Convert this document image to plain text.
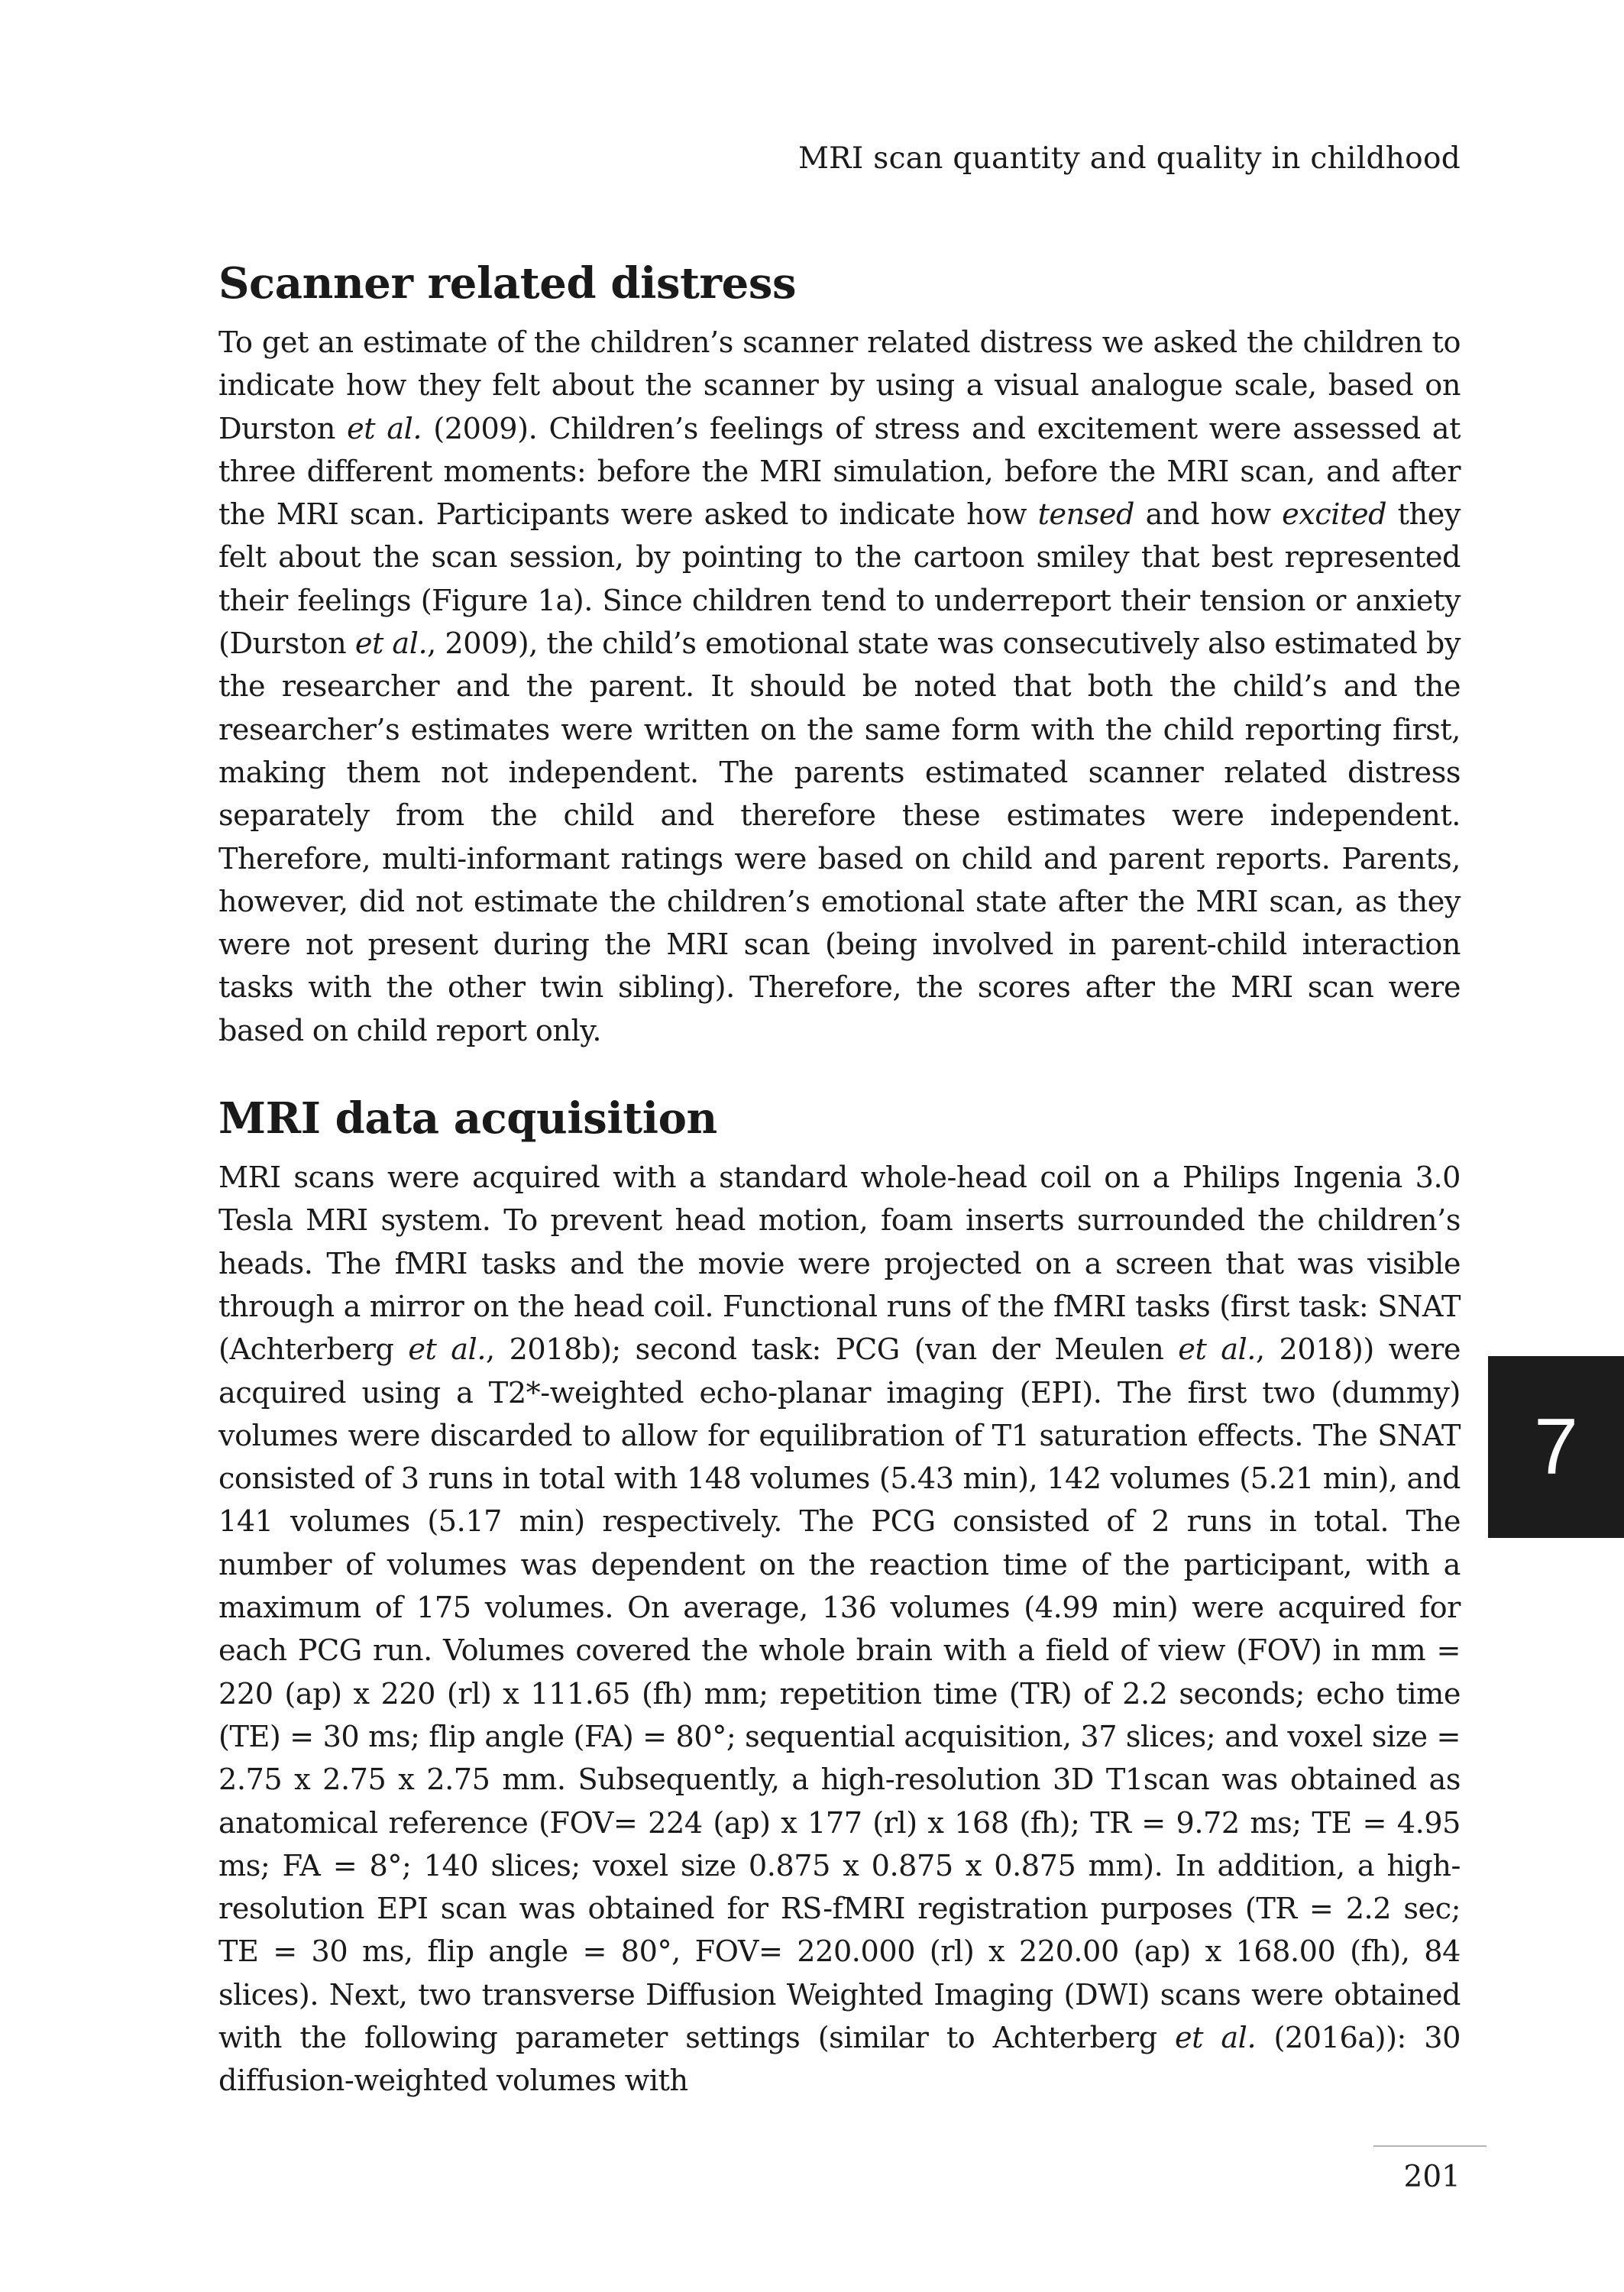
MRI scan quantity and quality in childhood
Scanner related distress

To get an estimate of the children’s scanner related distress we asked the children to indicate how they felt about the scanner by using a visual analogue scale, based on Durston et al. (2009). Children’s feelings of stress and excitement were assessed at three different moments: before the MRI simulation, before the MRI scan, and after the MRI scan. Participants were asked to indicate how tensed and how excited they felt about the scan session, by pointing to the cartoon smiley that best represented their feelings (Figure 1a). Since children tend to underreport their tension or anxiety (Durston et al., 2009), the child’s emotional state was consecutively also estimated by the researcher and the parent. It should be noted that both the child’s and the researcher’s estimates were written on the same form with the child reporting first, making them not independent. The parents estimated scanner related distress separately from the child and therefore these estimates were independent. Therefore, multi-informant ratings were based on child and parent reports. Parents, however, did not estimate the children’s emotional state after the MRI scan, as they were not present during the MRI scan (being involved in parent-child interaction tasks with the other twin sibling). Therefore, the scores after the MRI scan were based on child report only.

MRI data acquisition

MRI scans were acquired with a standard whole-head coil on a Philips Ingenia 3.0 Tesla MRI system. To prevent head motion, foam inserts surrounded the children’s heads. The fMRI tasks and the movie were projected on a screen that was visible through a mirror on the head coil. Functional runs of the fMRI tasks (first task: SNAT (Achterberg et al., 2018b); second task: PCG (van der Meulen et al., 2018)) were acquired using a T2*-weighted echo-planar imaging (EPI). The first two (dummy) volumes were discarded to allow for equilibration of T1 saturation effects. The SNAT consisted of 3 runs in total with 148 volumes (5.43 min), 142 volumes (5.21 min), and 141 volumes (5.17 min) respectively. The PCG consisted of 2 runs in total. The number of volumes was dependent on the reaction time of the participant, with a maximum of 175 volumes. On average, 136 volumes (4.99 min) were acquired for each PCG run. Volumes covered the whole brain with a field of view (FOV) in mm = 220 (ap) x 220 (rl) x 111.65 (fh) mm; repetition time (TR) of 2.2 seconds; echo time (TE) = 30 ms; flip angle (FA) = 80°; sequential acquisition, 37 slices; and voxel size = 2.75 x 2.75 x 2.75 mm. Subsequently, a high-resolution 3D T1scan was obtained as anatomical reference (FOV= 224 (ap) x 177 (rl) x 168 (fh); TR = 9.72 ms; TE = 4.95 ms; FA = 8°; 140 slices; voxel size 0.875 x 0.875 x 0.875 mm). In addition, a high-resolution EPI scan was obtained for RS-fMRI registration purposes (TR = 2.2 sec; TE = 30 ms, flip angle = 80°, FOV= 220.000 (rl) x 220.00 (ap) x 168.00 (fh), 84 slices). Next, two transverse Diffusion Weighted Imaging (DWI) scans were obtained with the following parameter settings (similar to Achterberg et al. (2016a)): 30 diffusion-weighted volumes with

7
201
